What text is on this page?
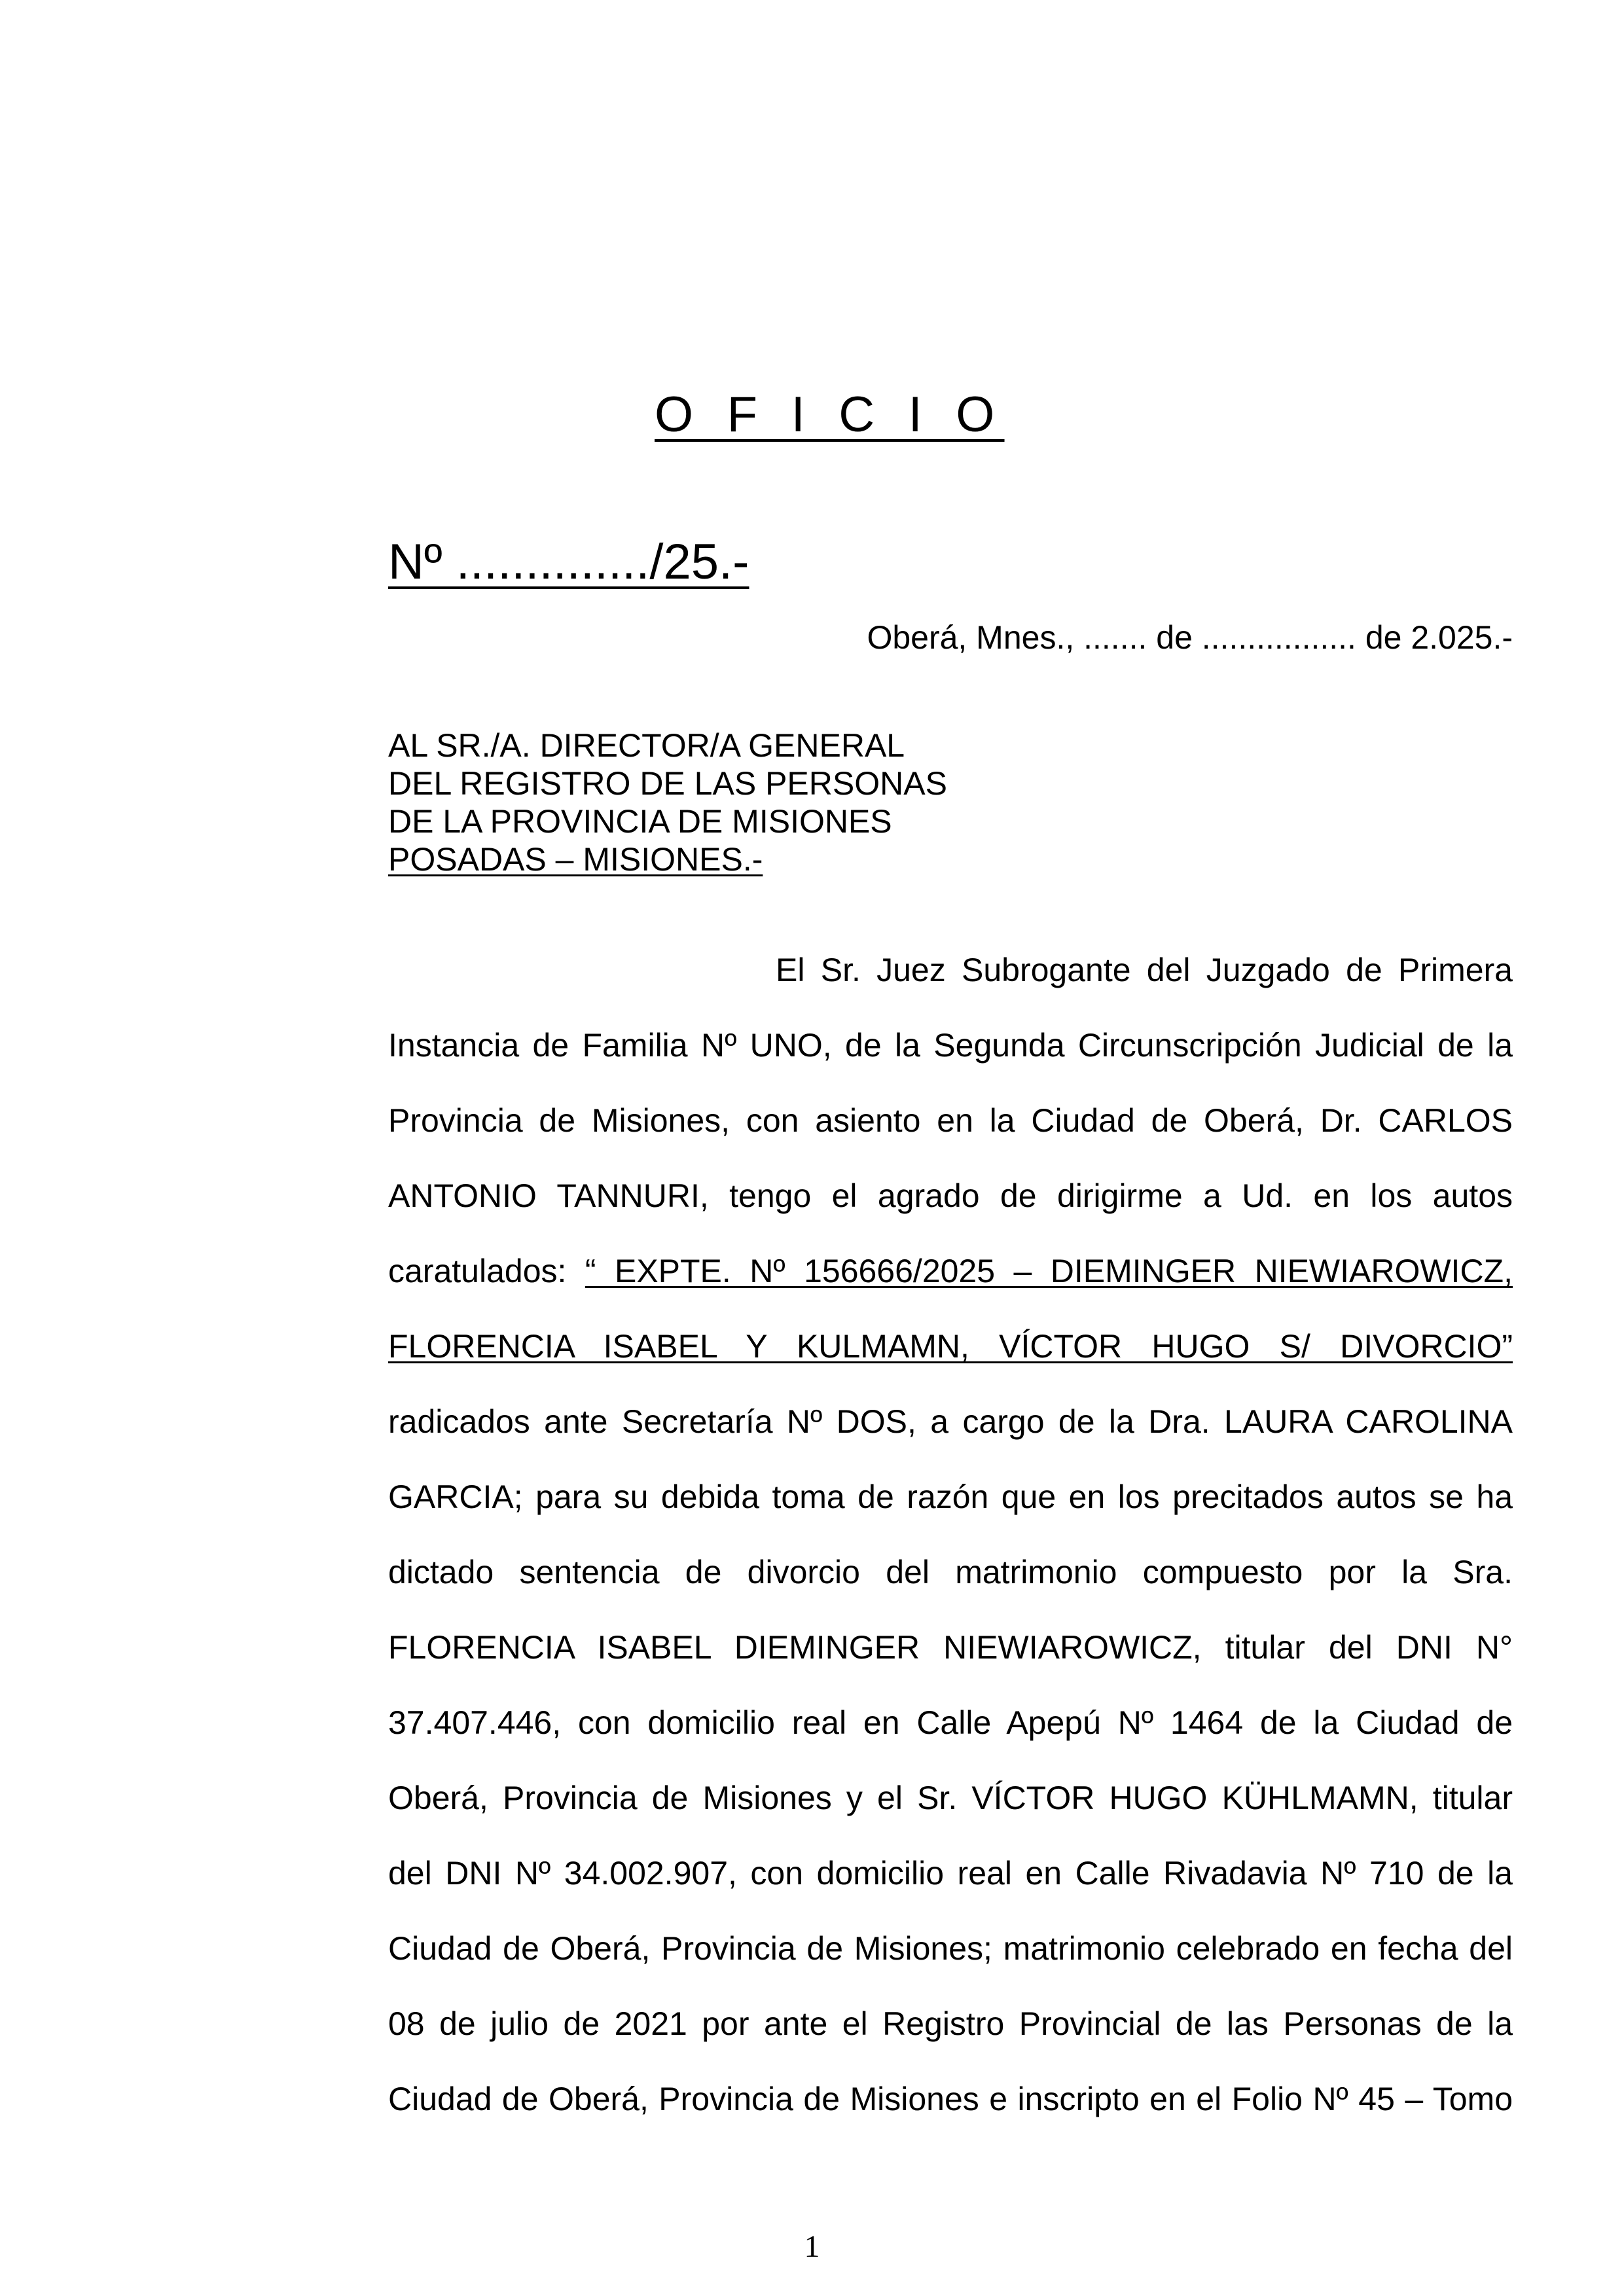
O F I C I O
Nº ............../25.-
Oberá, Mnes., ....... de ................. de 2.025.-
AL SR./A. DIRECTOR/A GENERAL
DEL REGISTRO DE LAS PERSONAS
DE LA PROVINCIA DE MISIONES
POSADAS – MISIONES.-
El Sr. Juez Subrogante del Juzgado de Primera
Instancia de Familia Nº UNO, de la Segunda Circunscripción Judicial de la
Provincia de Misiones, con asiento en la Ciudad de Oberá, Dr. CARLOS
ANTONIO TANNURI, tengo el agrado de dirigirme a Ud. en los autos
caratulados: “ EXPTE. Nº 156666/2025 – DIEMINGER NIEWIAROWICZ,
FLORENCIA ISABEL Y KULMAMN, VÍCTOR HUGO S/ DIVORCIO”
radicados ante Secretaría Nº DOS, a cargo de la Dra. LAURA CAROLINA
GARCIA; para su debida toma de razón que en los precitados autos se ha
dictado sentencia de divorcio del matrimonio compuesto por la Sra.
FLORENCIA ISABEL DIEMINGER NIEWIAROWICZ, titular del DNI N°
37.407.446, con domicilio real en Calle Apepú Nº 1464 de la Ciudad de
Oberá, Provincia de Misiones y el Sr. VÍCTOR HUGO KÜHLMAMN, titular
del DNI Nº 34.002.907, con domicilio real en Calle Rivadavia Nº 710 de la
Ciudad de Oberá, Provincia de Misiones; matrimonio celebrado en fecha del
08 de julio de 2021 por ante el Registro Provincial de las Personas de la
Ciudad de Oberá, Provincia de Misiones e inscripto en el Folio Nº 45 – Tomo
1
